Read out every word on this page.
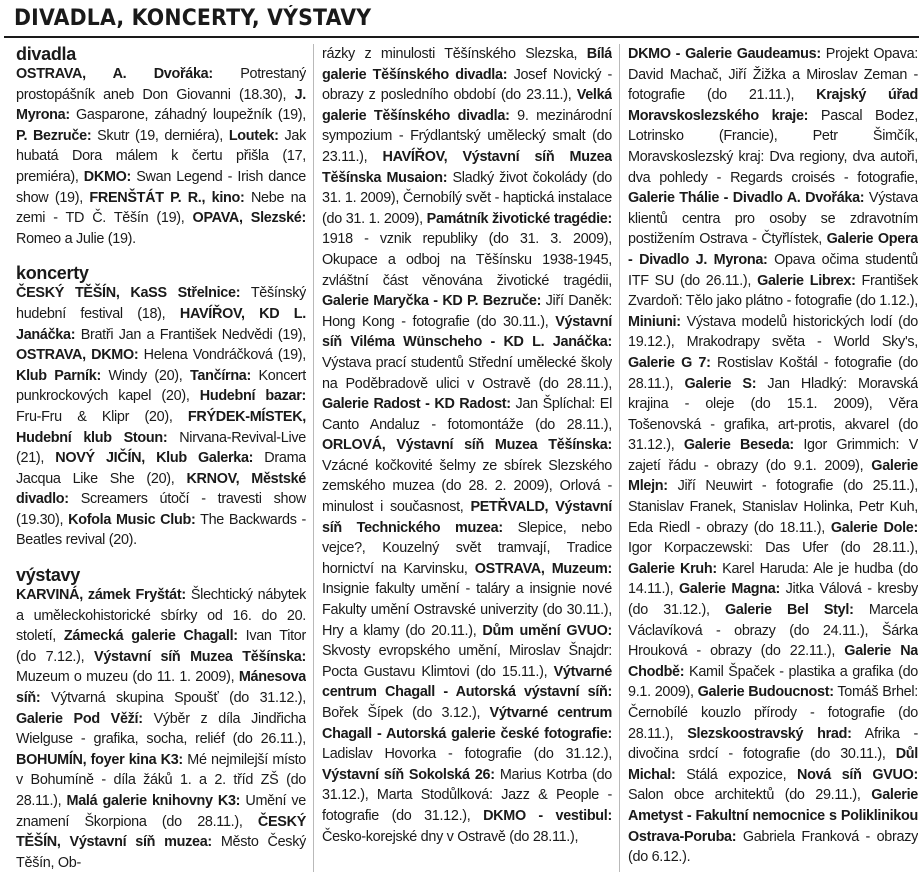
DIVADLA, KONCERTY, VÝSTAVY
divadla

OSTRAVA, A. Dvořáka: Potrestaný prostopášník aneb Don Giovanni (18.30), J. Myrona: Gasparone, záhadný loupežník (19), P. Bezruče: Skutr (19, derniéra), Loutek: Jak hubatá Dora málem k čertu přišla (17, premiéra), DKMO: Swan Legend - Irish dance show (19), FRENŠTÁT P. R., kino: Nebe na zemi - TD Č. Těšín (19), OPAVA, Slezské: Romeo a Julie (19).

koncerty

ČESKÝ TĚŠÍN, KaSS Střelnice: Těšínský hudební festival (18), HAVÍŘOV, KD L. Janáčka: Bratři Jan a František Nedvědi (19), OSTRAVA, DKMO: Helena Vondráčková (19), Klub Parník: Windy (20), Tančírna: Koncert punkrockových kapel (20), Hudební bazar: Fru-Fru & Klipr (20), FRÝDEK-MÍSTEK, Hudební klub Stoun: Nirvana-Revival-Live (21), NOVÝ JIČÍN, Klub Galerka: Drama Jacqua Like She (20), KRNOV, Městské divadlo: Screamers útočí - travesti show (19.30), Kofola Music Club: The Backwards - Beatles revival (20).

výstavy

KARVINÁ, zámek Fryštát: Šlechtický nábytek a uměleckohistorické sbírky od 16. do 20. století, Zámecká galerie Chagall: Ivan Titor (do 7.12.), Výstavní síň Muzea Těšínska: Muzeum o muzeu (do 11. 1. 2009), Mánesova síň: Výtvarná skupina Spoušť (do 31.12.), Galerie Pod Věží: Výběr z díla Jindřicha Wielguse - grafika, socha, reliéf (do 26.11.), BOHUMÍN, foyer kina K3: Mé nejmilejší místo v Bohumíně - díla žáků 1. a 2. tříd ZŠ (do 28.11.), Malá galerie knihovny K3: Umění ve znamení Škorpiona (do 28.11.), ČESKÝ TĚŠÍN, Výstavní síň muzea: Město Český Těšín, Ob-

rázky z minulosti Těšínského Slezska, Bílá galerie Těšínského divadla: Josef Novický - obrazy z posledního období (do 23.11.), Velká galerie Těšínského divadla: 9. mezinárodní sympozium - Frýdlantský umělecký smalt (do 23.11.), HAVÍŘOV, Výstavní síň Muzea Těšínska Musaion: Sladký život čokolády (do 31. 1. 2009), Černobílý svět - haptická instalace (do 31. 1. 2009), Památník životické tragédie: 1918 - vznik republiky (do 31. 3. 2009), Okupace a odboj na Těšínsku 1938-1945, zvláštní část věnována životické tragédii, Galerie Maryčka - KD P. Bezruče: Jiří Daněk: Hong Kong - fotografie (do 30.11.), Výstavní síň Viléma Wünscheho - KD L. Janáčka: Výstava prací studentů Střední umělecké školy na Poděbradově ulici v Ostravě (do 28.11.), Galerie Radost - KD Radost: Jan Šplíchal: El Canto Andaluz - fotomontáže (do 28.11.), ORLOVÁ, Výstavní síň Muzea Těšínska: Vzácné kočkovité šelmy ze sbírek Slezského zemského muzea (do 28. 2. 2009), Orlová - minulost i současnost, PETŘVALD, Výstavní síň Technického muzea: Slepice, nebo vejce?, Kouzelný svět tramvají, Tradice hornictví na Karvinsku, OSTRAVA, Muzeum: Insignie fakulty umění - taláry a insignie nové Fakulty umění Ostravské univerzity (do 30.11.), Hry a klamy (do 20.11.), Dům umění GVUO: Skvosty evropského umění, Miroslav Šnajdr: Pocta Gustavu Klimtovi (do 15.11.), Výtvarné centrum Chagall - Autorská výstavní síň: Bořek Šípek (do 3.12.), Výtvarné centrum Chagall - Autorská galerie české fotografie: Ladislav Hovorka - fotografie (do 31.12.), Výstavní síň Sokolská 26: Marius Kotrba (do 31.12.), Marta Stodůlková: Jazz & People - fotografie (do 31.12.), DKMO - vestibul: Česko-korejské dny v Ostravě (do 28.11.),

DKMO - Galerie Gaudeamus: Projekt Opava: David Machač, Jiří Žižka a Miroslav Zeman - fotografie (do 21.11.), Krajský úřad Moravskoslezského kraje: Pascal Bodez, Lotrinsko (Francie), Petr Šimčík, Moravskoslezský kraj: Dva regiony, dva autoři, dva pohledy - Regards croisés - fotografie, Galerie Thálie - Divadlo A. Dvořáka: Výstava klientů centra pro osoby se zdravotním postižením Ostrava - Čtyřlístek, Galerie Opera - Divadlo J. Myrona: Opava očima studentů ITF SU (do 26.11.), Galerie Librex: František Zvardoň: Tělo jako plátno - fotografie (do 1.12.), Miniuni: Výstava modelů historických lodí (do 19.12.), Mrakodrapy světa - World Sky's, Galerie G 7: Rostislav Koštál - fotografie (do 28.11.), Galerie S: Jan Hladký: Moravská krajina - oleje (do 15.1. 2009), Věra Tošenovská - grafika, art-protis, akvarel (do 31.12.), Galerie Beseda: Igor Grimmich: V zajetí řádu - obrazy (do 9.1. 2009), Galerie Mlejn: Jiří Neuwirt - fotografie (do 25.11.), Stanislav Franek, Stanislav Holinka, Petr Kuh, Eda Riedl - obrazy (do 18.11.), Galerie Dole: Igor Korpaczewski: Das Ufer (do 28.11.), Galerie Kruh: Karel Haruda: Ale je hudba (do 14.11.), Galerie Magna: Jitka Válová - kresby (do 31.12.), Galerie Bel Styl: Marcela Václavíková - obrazy (do 24.11.), Šárka Hrouková - obrazy (do 22.11.), Galerie Na Chodbě: Kamil Špaček - plastika a grafika (do 9.1. 2009), Galerie Budoucnost: Tomáš Brhel: Černobílé kouzlo přírody - fotografie (do 28.11.), Slezskoostravský hrad: Afrika - divočina srdcí - fotografie (do 30.11.), Důl Michal: Stálá expozice, Nová síň GVUO: Salon obce architektů (do 29.11.), Galerie Ametyst - Fakultní nemocnice s Poliklinikou Ostrava-Poruba: Gabriela Franková - obrazy (do 6.12.).
